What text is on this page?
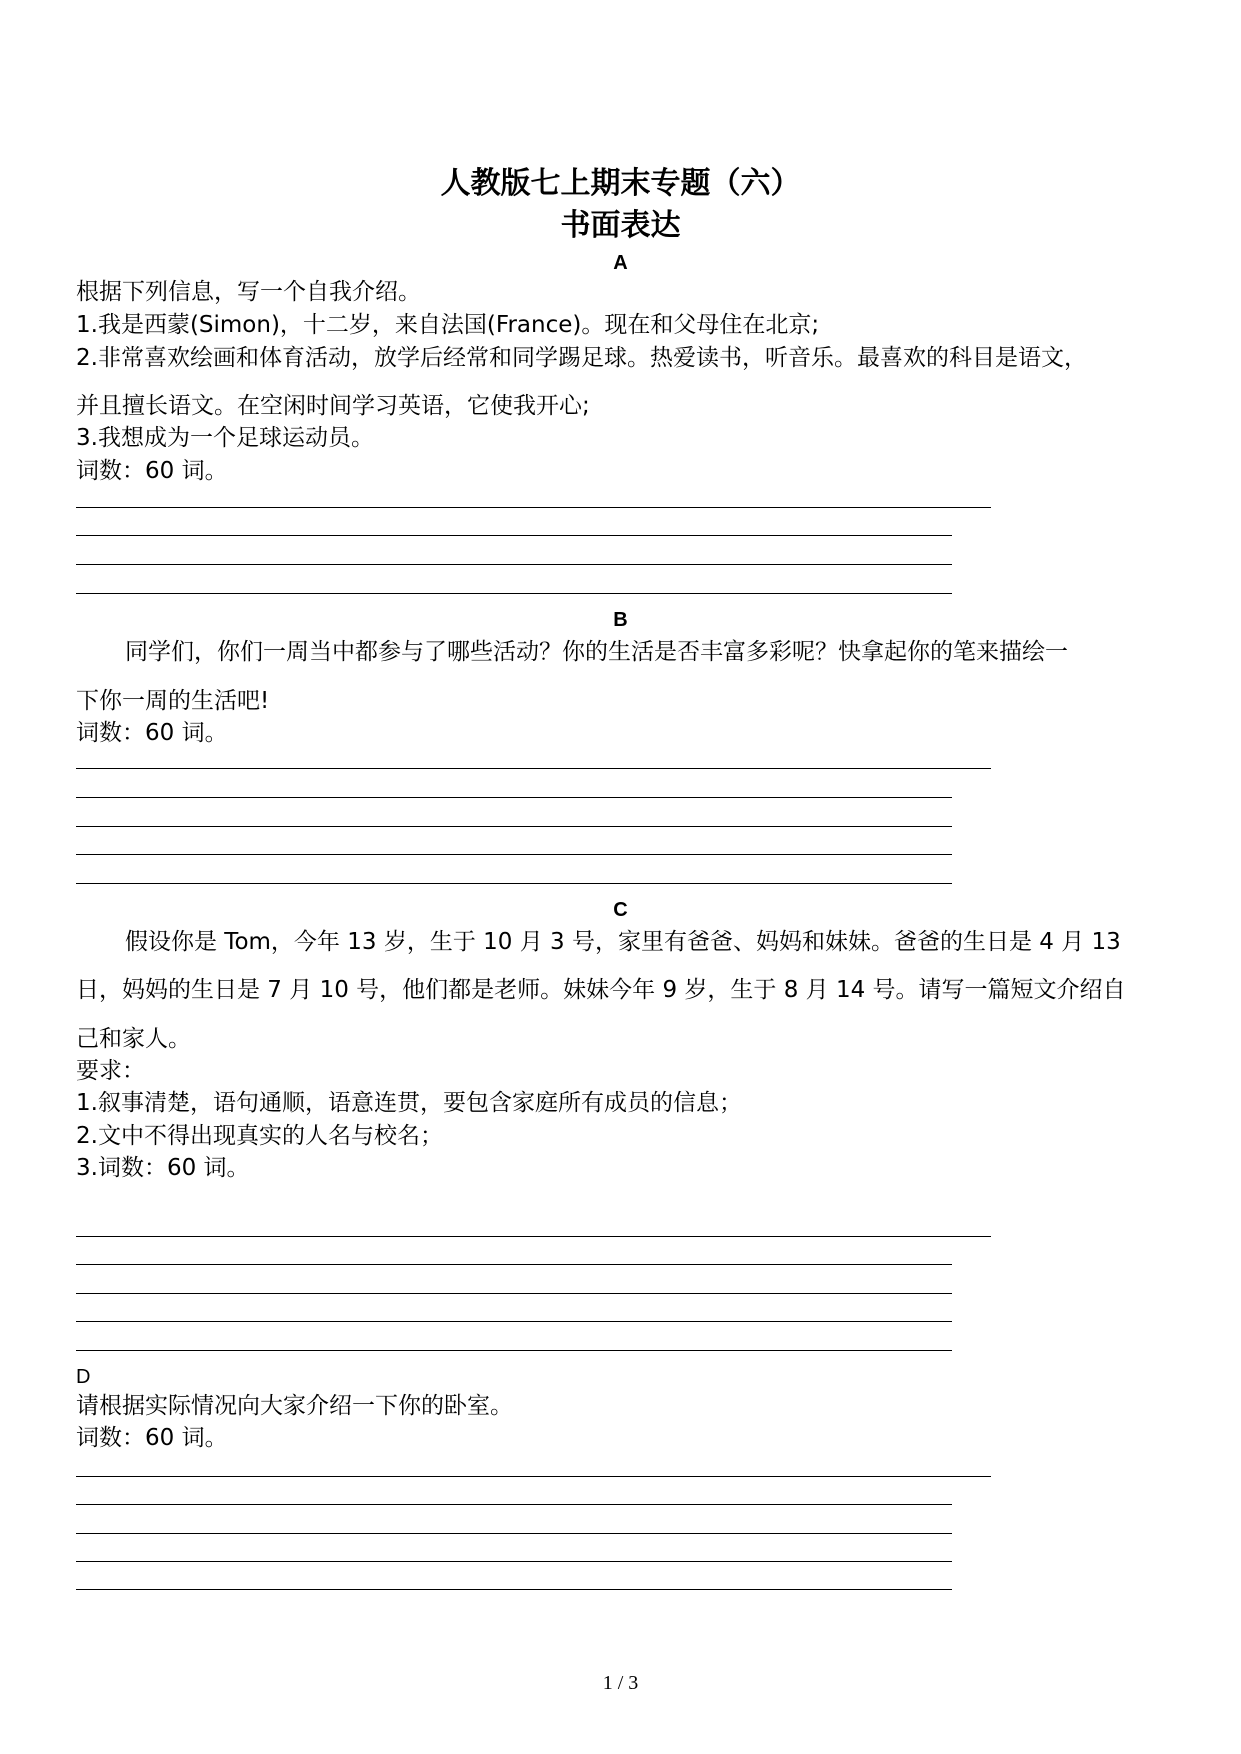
人教版七上期末专题（六）
书面表达
A
根据下列信息，写一个自我介绍。
1.我是西蒙(Simon)，十二岁，来自法国(France)。现在和父母住在北京;
2.非常喜欢绘画和体育活动，放学后经常和同学踢足球。热爱读书，听音乐。最喜欢的科目是语文，
并且擅长语文。在空闲时间学习英语，它使我开心;
3.我想成为一个足球运动员。
词数：60 词。
B
同学们，你们一周当中都参与了哪些活动？你的生活是否丰富多彩呢？快拿起你的笔来描绘一
下你一周的生活吧!
词数：60 词。
C
假设你是 Tom，今年 13 岁，生于 10 月 3 号，家里有爸爸、妈妈和妹妹。爸爸的生日是 4 月 13
日，妈妈的生日是 7 月 10 号，他们都是老师。妹妹今年 9 岁，生于 8 月 14 号。请写一篇短文介绍自
己和家人。
要求：
1.叙事清楚，语句通顺，语意连贯，要包含家庭所有成员的信息；
2.文中不得出现真实的人名与校名；
3.词数：60 词。
D
请根据实际情况向大家介绍一下你的卧室。
词数：60 词。
1 / 3
